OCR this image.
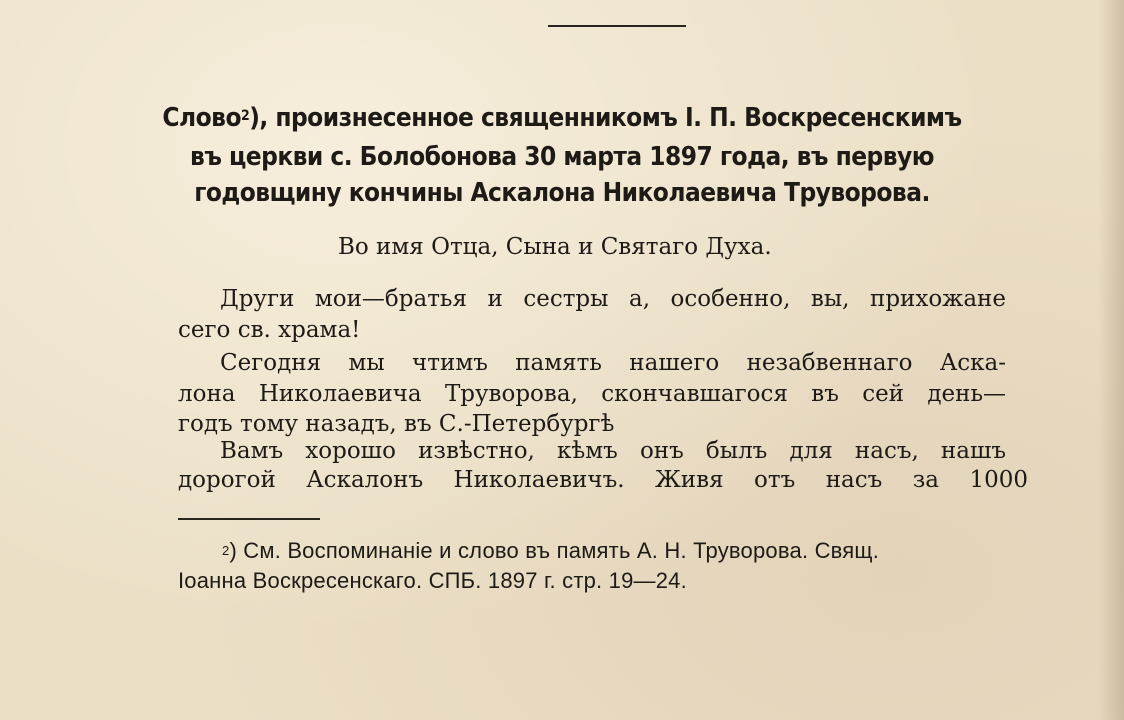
Слово$^2$), произнесенное священникомъ I. П. Воскресенскимъ
въ церкви с. Болобонова 30 марта 1897 года, въ первую
годовщину кончины Аскалона Николаевича Труворова.
Во имя Отца, Сына и Святаго Духа.
Други мои—братья и сестры а, особенно, вы, прихожане
сего св. храма!
Сегодня мы чтимъ память нашего незабвеннаго Аска-
лона Николаевича Труворова, скончавшагося въ сей день—
годъ тому назадъ, въ С.-Петербургѣ
Вамъ хорошо извѣстно, кѣмъ онъ былъ для насъ, нашъ
дорогой Аскалонъ Николаевичъ. Живя отъ насъ за 1000
$^2$) См. Воспоминаніе и слово въ память А. Н. Труворова. Свящ.
Іоанна Воскресенскаго. СПБ. 1897 г. стр. 19—24.
